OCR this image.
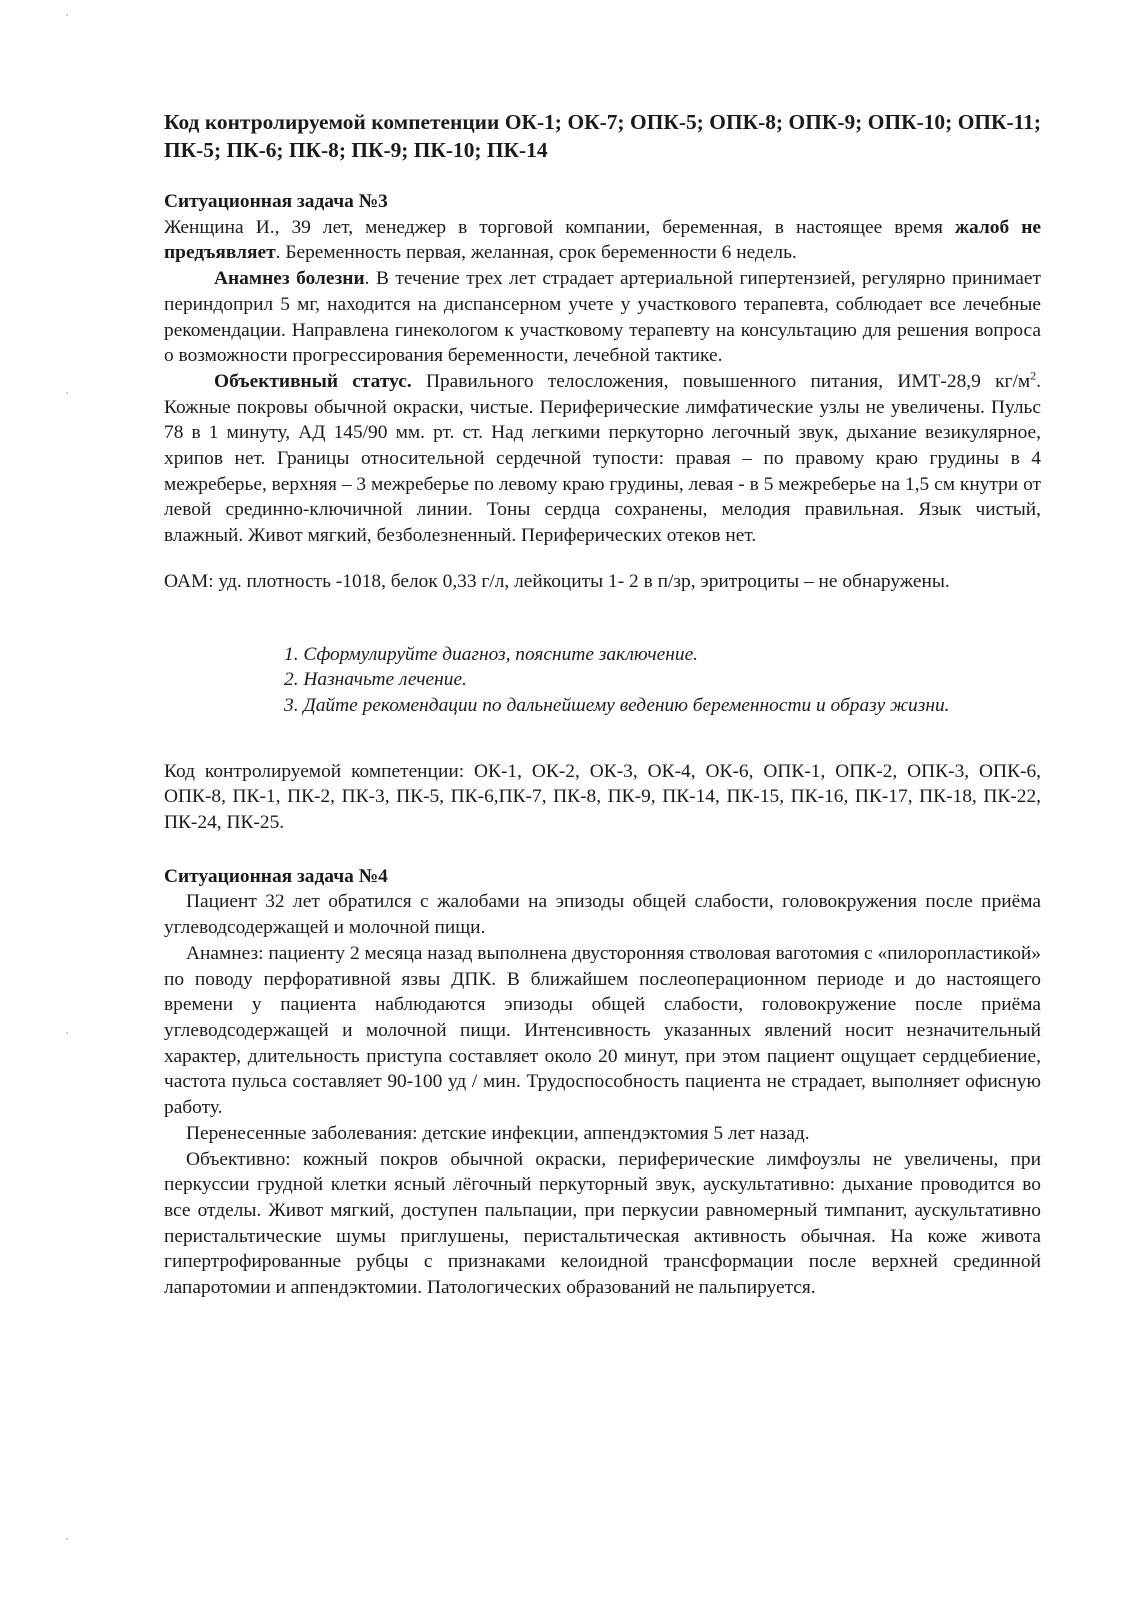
Код контролируемой компетенции ОК-1; ОК-7; ОПК-5; ОПК-8; ОПК-9; ОПК-10; ОПК-11; ПК-5; ПК-6; ПК-8; ПК-9; ПК-10; ПК-14

Ситуационная задача №3

Женщина И., 39 лет, менеджер в торговой компании, беременная, в настоящее время жалоб не предъявляет. Беременность первая, желанная, срок беременности 6 недель.

Анамнез болезни. В течение трех лет страдает артериальной гипертензией, регулярно принимает периндоприл 5 мг, находится на диспансерном учете у участкового терапевта, соблюдает все лечебные рекомендации. Направлена гинекологом к участковому терапевту на консультацию для решения вопроса о возможности прогрессирования беременности, лечебной тактике.

Объективный статус. Правильного телосложения, повышенного питания, ИМТ-28,9 $кг/м^2$. Кожные покровы обычной окраски, чистые. Периферические лимфатические узлы не увеличены. Пульс 78 в 1 минуту, АД 145/90 мм. рт. ст. Над легкими перкуторно легочный звук, дыхание везикулярное, хрипов нет. Границы относительной сердечной тупости: правая – по правому краю грудины в 4 межреберье, верхняя – 3 межреберье по левому краю грудины, левая - в 5 межреберье на 1,5 см кнутри от левой срединно-ключичной линии. Тоны сердца сохранены, мелодия правильная. Язык чистый, влажный. Живот мягкий, безболезненный. Периферических отеков нет.

ОАМ: уд. плотность -1018, белок 0,33 г/л, лейкоциты 1- 2 в п/зр, эритроциты – не обнаружены.

1. Сформулируйте диагноз, поясните заключение.
2. Назначьте лечение.
3. Дайте рекомендации по дальнейшему ведению беременности и образу жизни.

Код контролируемой компетенции: ОК-1, ОК-2, ОК-3, ОК-4, ОК-6, ОПК-1, ОПК-2, ОПК-3, ОПК-6, ОПК-8, ПК-1, ПК-2, ПК-3, ПК-5, ПК-6,ПК-7, ПК-8, ПК-9, ПК-14, ПК-15, ПК-16, ПК-17, ПК-18, ПК-22, ПК-24, ПК-25.

Ситуационная задача №4

Пациент 32 лет обратился с жалобами на эпизоды общей слабости, головокружения после приёма углеводсодержащей и молочной пищи.

Анамнез: пациенту 2 месяца назад выполнена двусторонняя стволовая ваготомия с «пилоропластикой» по поводу перфоративной язвы ДПК. В ближайшем послеоперационном периоде и до настоящего времени у пациента наблюдаются эпизоды общей слабости, головокружение после приёма углеводсодержащей и молочной пищи. Интенсивность указанных явлений носит незначительный характер, длительность приступа составляет около 20 минут, при этом пациент ощущает сердцебиение, частота пульса составляет 90-100 уд / мин. Трудоспособность пациента не страдает, выполняет офисную работу.

Перенесенные заболевания: детские инфекции, аппендэктомия 5 лет назад.

Объективно: кожный покров обычной окраски, периферические лимфоузлы не увеличены, при перкуссии грудной клетки ясный лёгочный перкуторный звук, аускультативно: дыхание проводится во все отделы. Живот мягкий, доступен пальпации, при перкусии равномерный тимпанит, аускультативно перистальтические шумы приглушены, перистальтическая активность обычная. На коже живота гипертрофированные рубцы с признаками келоидной трансформации после верхней срединной лапаротомии и аппендэктомии. Патологических образований не пальпируется.
